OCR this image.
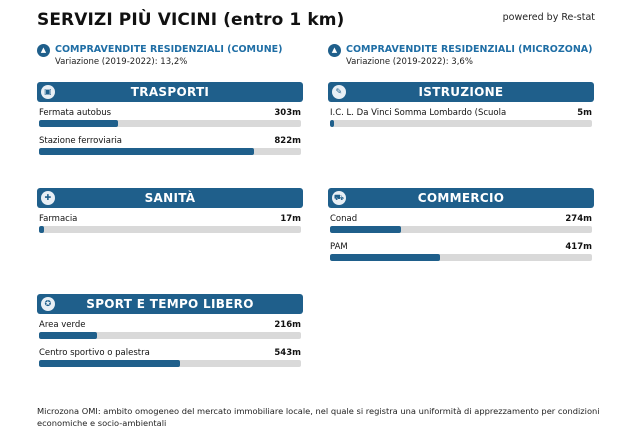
SERVIZI PIÙ VICINI (entro 1 km)	powered by Re-stat
▲ COMPRAVENDITE RESIDENZIALI (COMUNE)
Variazione (2019-2022): 13,2%
▲ COMPRAVENDITE RESIDENZIALI (MICROZONA)
Variazione (2019-2022): 3,6%
▣	TRASPORTI
Fermata autobus	303m
Stazione ferroviaria	822m
✎	ISTRUZIONE
I.C. L. Da Vinci Somma Lombardo (Scuola	5m
✚	SANITÀ
Farmacia	17m
⛟	COMMERCIO
Conad	274m
PAM	417m
✪	SPORT E TEMPO LIBERO
Area verde	216m
Centro sportivo o palestra	543m
Microzona OMI: ambito omogeneo del mercato immobiliare locale, nel quale si registra una uniformità di apprezzamento per condizioni economiche e socio-ambientali
